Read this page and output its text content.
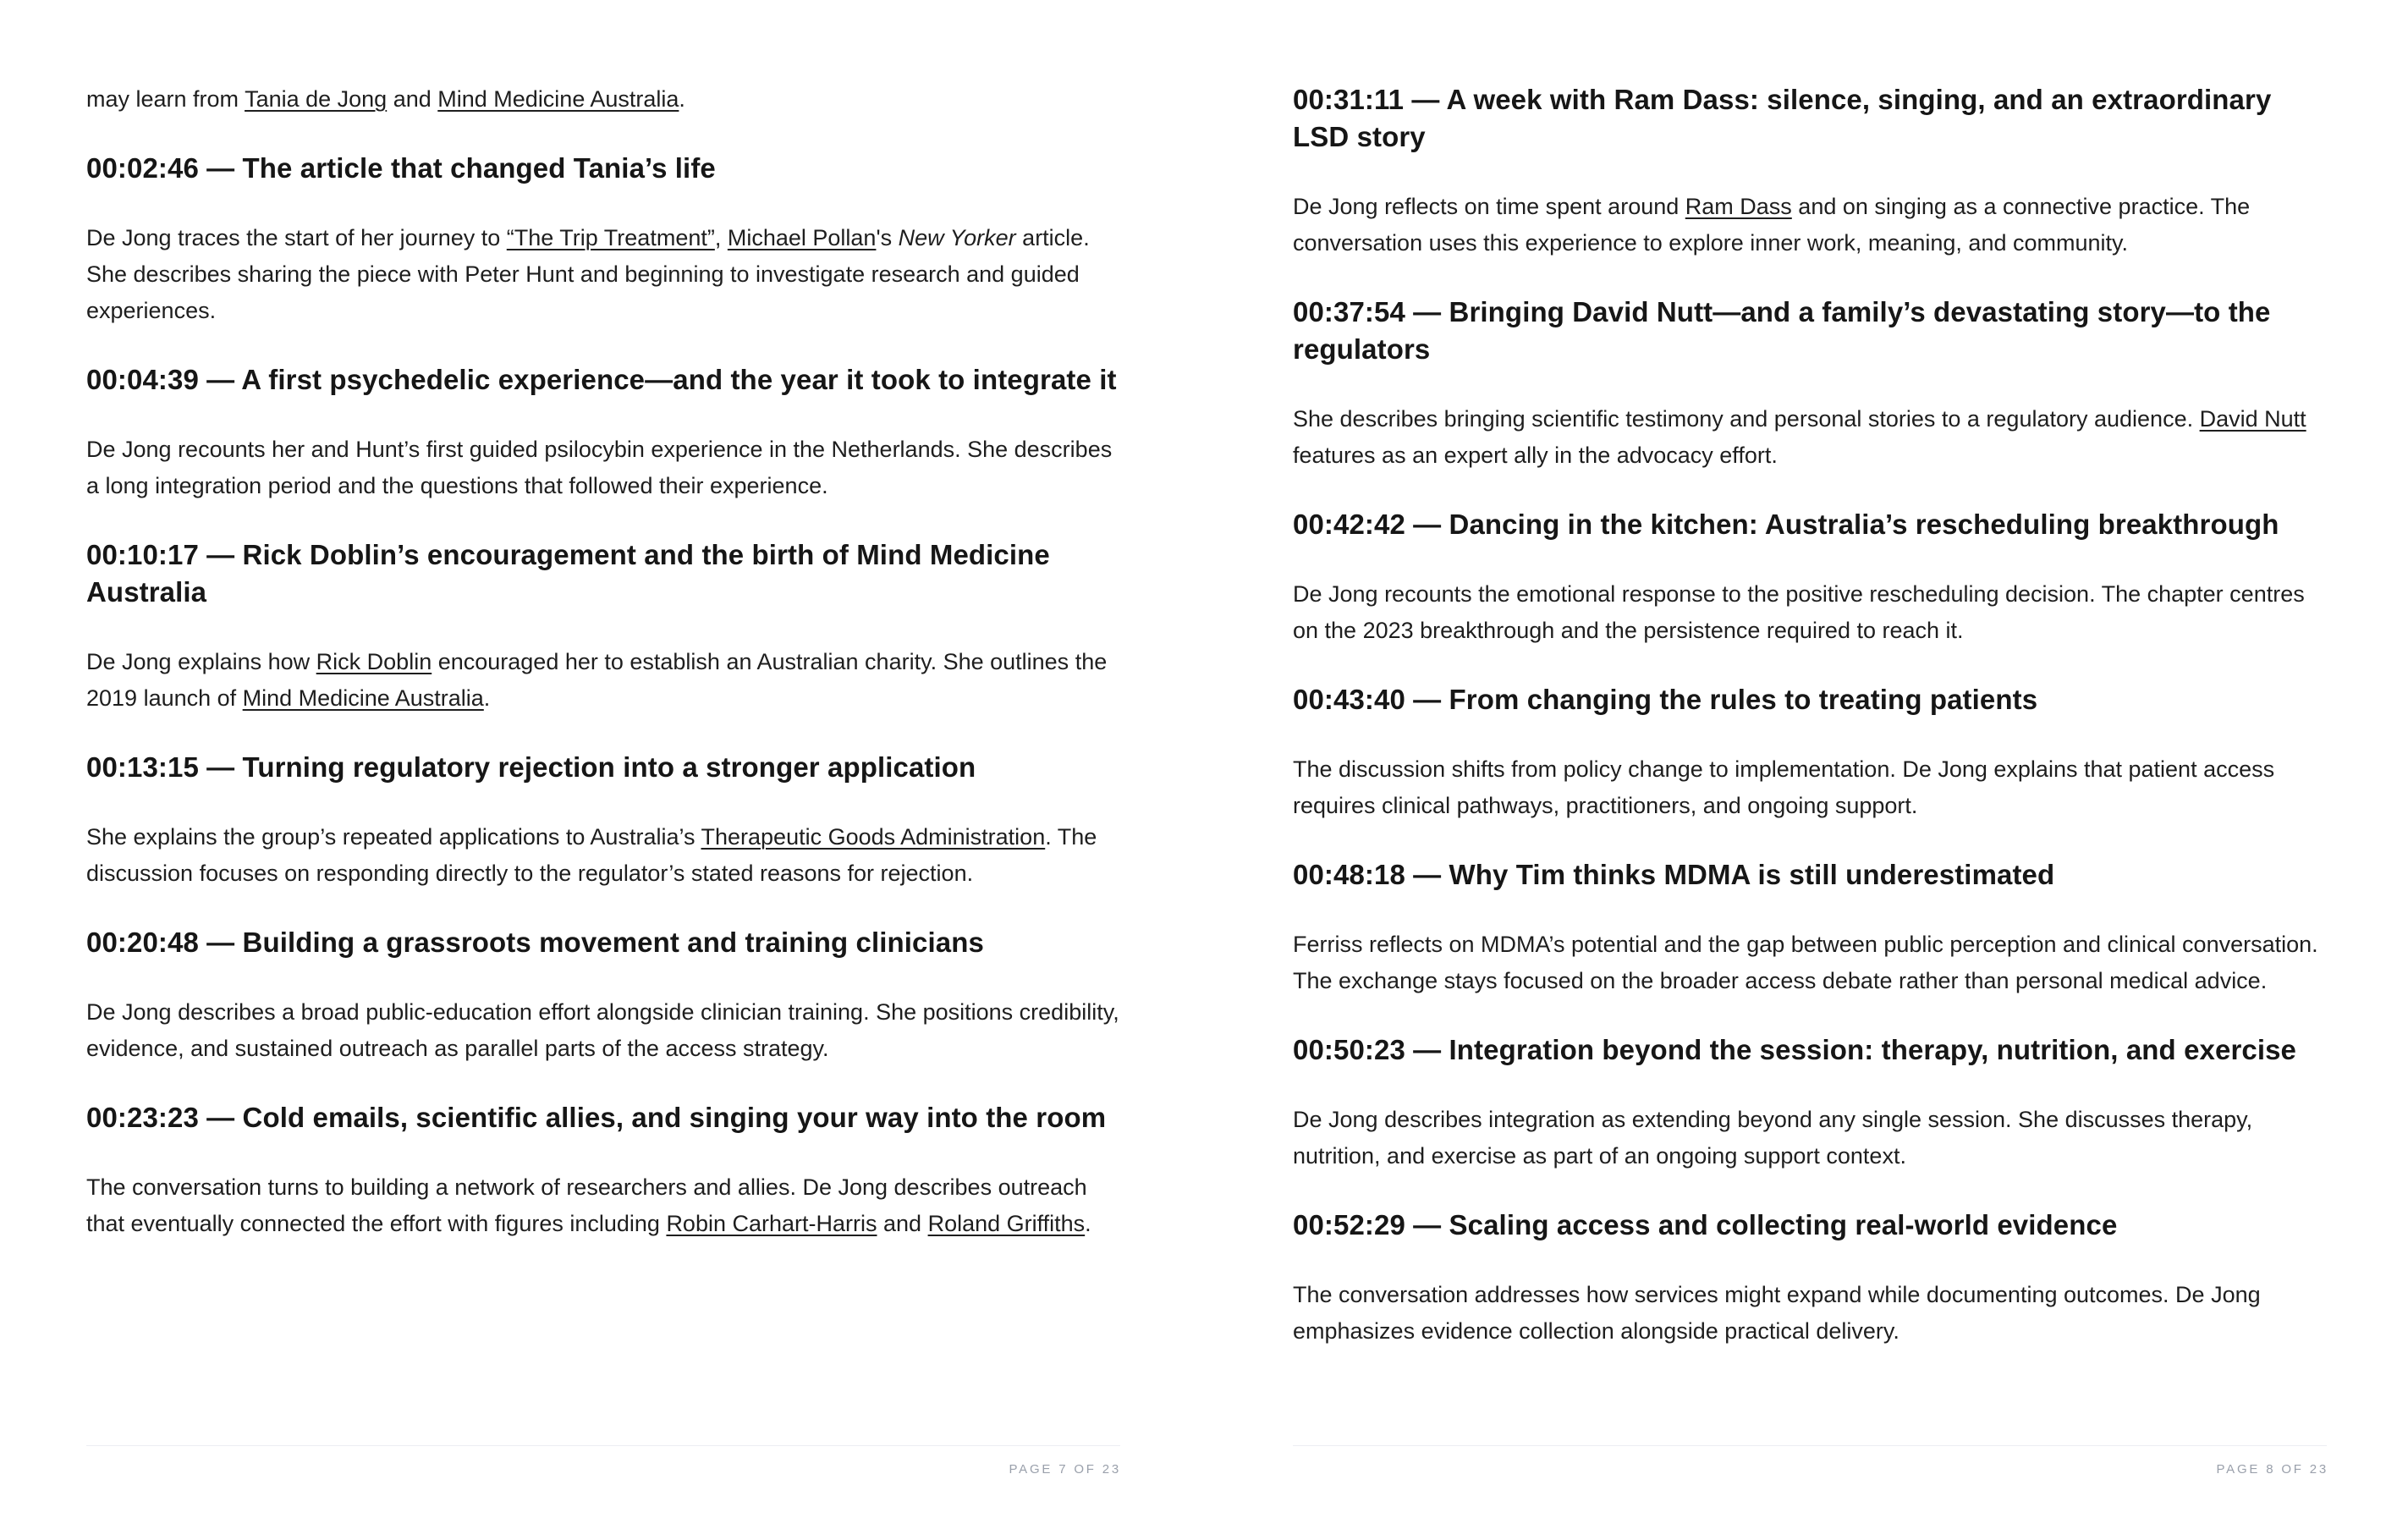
may learn from Tania de Jong and Mind Medicine Australia.

00:02:46 — The article that changed Tania’s life

De Jong traces the start of her journey to “The Trip Treatment”, Michael Pollan's New Yorker article. She describes sharing the piece with Peter Hunt and beginning to investigate research and guided experiences.

00:04:39 — A first psychedelic experience—and the year it took to integrate it

De Jong recounts her and Hunt’s first guided psilocybin experience in the Netherlands. She describes a long integration period and the questions that followed their experience.

00:10:17 — Rick Doblin’s encouragement and the birth of Mind Medicine Australia

De Jong explains how Rick Doblin encouraged her to establish an Australian charity. She outlines the 2019 launch of Mind Medicine Australia.

00:13:15 — Turning regulatory rejection into a stronger application

She explains the group’s repeated applications to Australia’s Therapeutic Goods Administration. The discussion focuses on responding directly to the regulator’s stated reasons for rejection.

00:20:48 — Building a grassroots movement and training clinicians

De Jong describes a broad public-education effort alongside clinician training. She positions credibility, evidence, and sustained outreach as parallel parts of the access strategy.

00:23:23 — Cold emails, scientific allies, and singing your way into the room

The conversation turns to building a network of researchers and allies. De Jong describes outreach that eventually connected the effort with figures including Robin Carhart-Harris and Roland Griffiths.

PAGE 7 OF 23
00:31:11 — A week with Ram Dass: silence, singing, and an extraordinary LSD story

De Jong reflects on time spent around Ram Dass and on singing as a connective practice. The conversation uses this experience to explore inner work, meaning, and community.

00:37:54 — Bringing David Nutt—and a family’s devastating story—to the regulators

She describes bringing scientific testimony and personal stories to a regulatory audience. David Nutt features as an expert ally in the advocacy effort.

00:42:42 — Dancing in the kitchen: Australia’s rescheduling breakthrough

De Jong recounts the emotional response to the positive rescheduling decision. The chapter centres on the 2023 breakthrough and the persistence required to reach it.

00:43:40 — From changing the rules to treating patients

The discussion shifts from policy change to implementation. De Jong explains that patient access requires clinical pathways, practitioners, and ongoing support.

00:48:18 — Why Tim thinks MDMA is still underestimated

Ferriss reflects on MDMA’s potential and the gap between public perception and clinical conversation. The exchange stays focused on the broader access debate rather than personal medical advice.

00:50:23 — Integration beyond the session: therapy, nutrition, and exercise

De Jong describes integration as extending beyond any single session. She discusses therapy, nutrition, and exercise as part of an ongoing support context.

00:52:29 — Scaling access and collecting real-world evidence

The conversation addresses how services might expand while documenting outcomes. De Jong emphasizes evidence collection alongside practical delivery.

PAGE 8 OF 23
